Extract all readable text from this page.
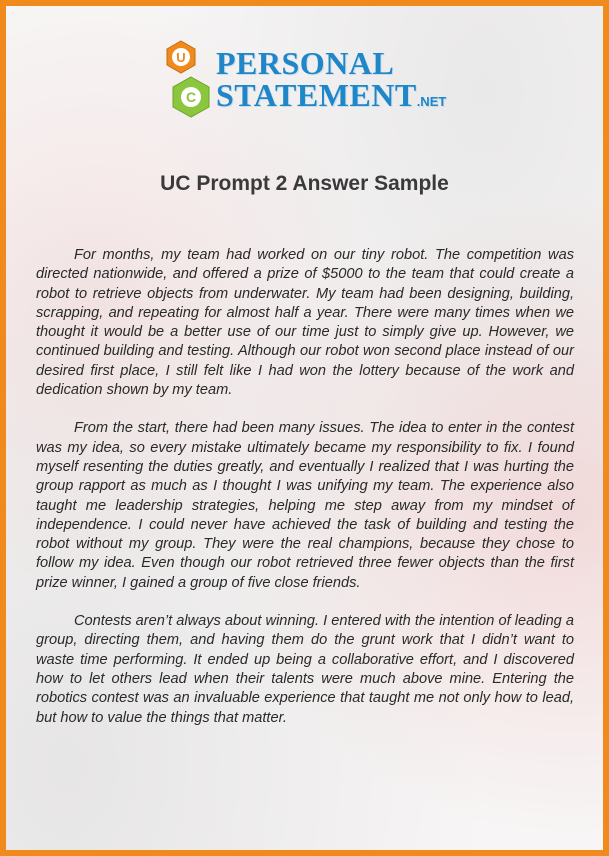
U
C
PERSONAL
STATEMENT.NET
UC Prompt 2 Answer Sample

For months, my team had worked on our tiny robot. The competition was directed nationwide, and offered a prize of $5000 to the team that could create a robot to retrieve objects from underwater. My team had been designing, building, scrapping, and repeating for almost half a year. There were many times when we thought it would be a better use of our time just to simply give up. However, we continued building and testing. Although our robot won second place instead of our desired first place, I still felt like I had won the lottery because of the work and dedication shown by my team.

From the start, there had been many issues. The idea to enter in the contest was my idea, so every mistake ultimately became my responsibility to fix. I found myself resenting the duties greatly, and eventually I realized that I was hurting the group rapport as much as I thought I was unifying my team. The experience also taught me leadership strategies, helping me step away from my mindset of independence. I could never have achieved the task of building and testing the robot without my group. They were the real champions, because they chose to follow my idea. Even though our robot retrieved three fewer objects than the first prize winner, I gained a group of five close friends.

Contests aren’t always about winning. I entered with the intention of leading a group, directing them, and having them do the grunt work that I didn’t want to waste time performing. It ended up being a collaborative effort, and I discovered how to let others lead when their talents were much above mine. Entering the robotics contest was an invaluable experience that taught me not only how to lead, but how to value the things that matter.
